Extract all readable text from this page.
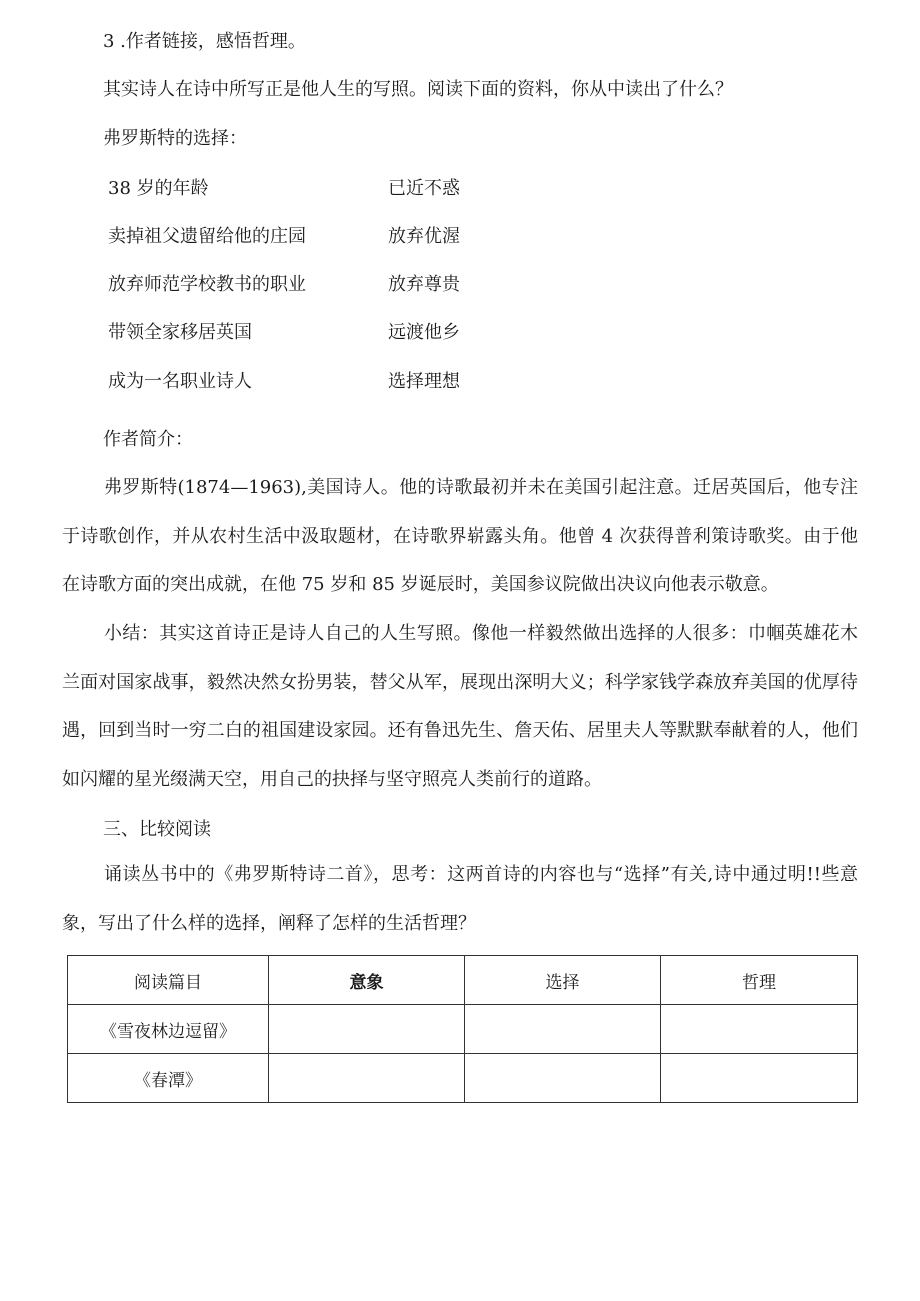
3 .作者链接，感悟哲理。
其实诗人在诗中所写正是他人生的写照。阅读下面的资料，你从中读出了什么？
弗罗斯特的选择：
38 岁的年龄	已近不惑
卖掉祖父遗留给他的庄园	放弃优渥
放弃师范学校教书的职业	放弃尊贵
带领全家移居英国	远渡他乡
成为一名职业诗人	选择理想
作者简介：
弗罗斯特(1874—1963),美国诗人。他的诗歌最初并未在美国引起注意。迁居英国后，他专注于诗歌创作，并从农村生活中汲取题材，在诗歌界崭露头角。他曾 4 次获得普利策诗歌奖。由于他在诗歌方面的突出成就，在他 75 岁和 85 岁诞辰时，美国参议院做出决议向他表示敬意。
小结：其实这首诗正是诗人自己的人生写照。像他一样毅然做出选择的人很多：巾帼英雄花木兰面对国家战事，毅然决然女扮男装，替父从军，展现出深明大义；科学家钱学森放弃美国的优厚待遇，回到当时一穷二白的祖国建设家园。还有鲁迅先生、詹天佑、居里夫人等默默奉献着的人，他们如闪耀的星光缀满天空，用自己的抉择与坚守照亮人类前行的道路。
三、比较阅读
诵读丛书中的《弗罗斯特诗二首》，思考：这两首诗的内容也与“选择”有关,诗中通过明!!些意象，写出了什么样的选择，阐释了怎样的生活哲理？
阅读篇目	意象	选择	哲理
《雪夜林边逗留》			
《春潭》			
